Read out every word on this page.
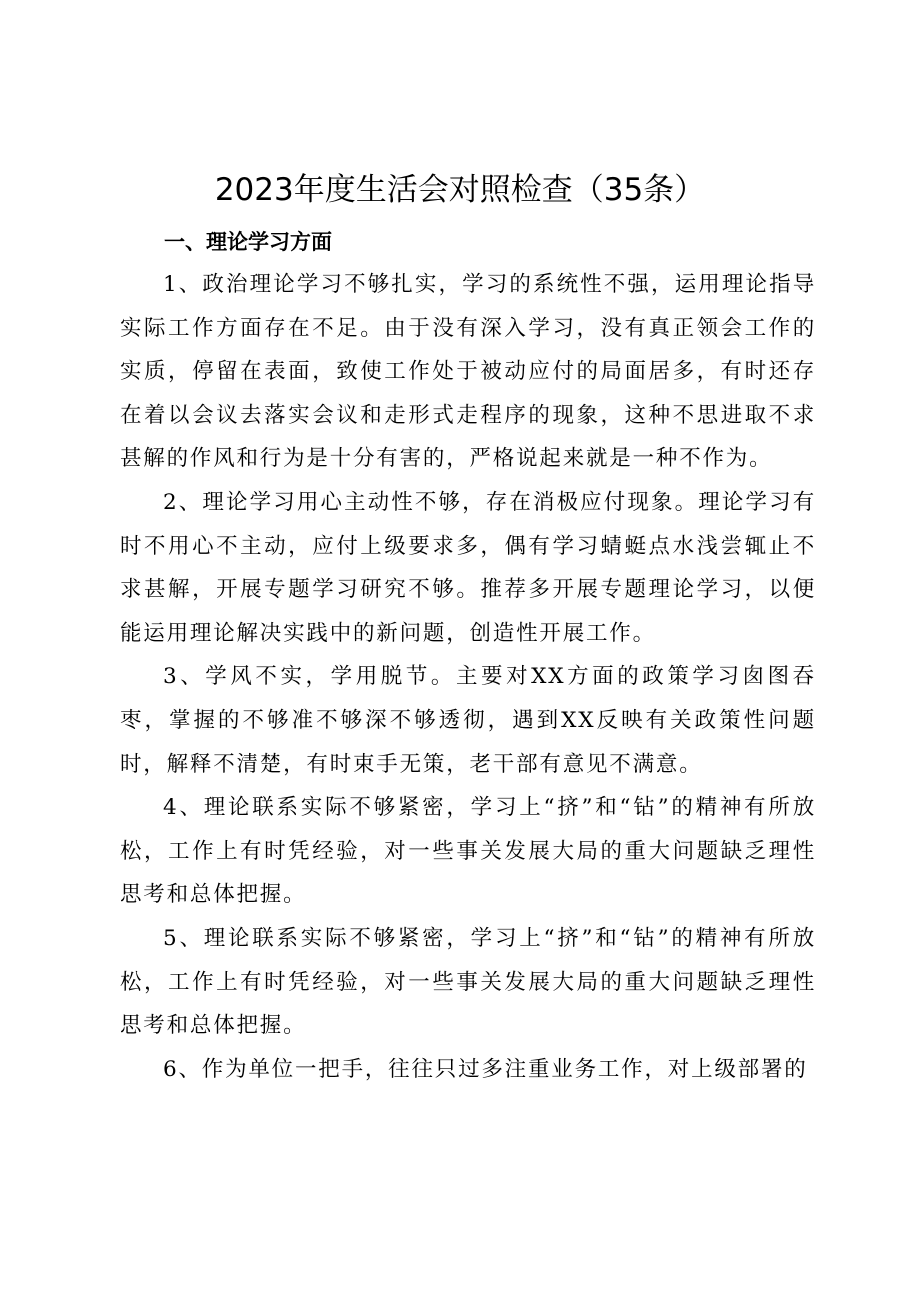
2023年度生活会对照检查（35条）
一、理论学习方面

1、政治理论学习不够扎实，学习的系统性不强，运用理论指导实际工作方面存在不足。由于没有深入学习，没有真正领会工作的实质，停留在表面，致使工作处于被动应付的局面居多，有时还存在着以会议去落实会议和走形式走程序的现象，这种不思进取不求甚解的作风和行为是十分有害的，严格说起来就是一种不作为。

2、理论学习用心主动性不够，存在消极应付现象。理论学习有时不用心不主动，应付上级要求多，偶有学习蜻蜓点水浅尝辄止不求甚解，开展专题学习研究不够。推荐多开展专题理论学习，以便能运用理论解决实践中的新问题，创造性开展工作。

3、学风不实，学用脱节。主要对XX方面的政策学习囱图吞枣，掌握的不够准不够深不够透彻，遇到XX反映有关政策性问题时，解释不清楚，有时束手无策，老干部有意见不满意。

4、理论联系实际不够紧密，学习上“挤”和“钻”的精神有所放松，工作上有时凭经验，对一些事关发展大局的重大问题缺乏理性思考和总体把握。

5、理论联系实际不够紧密，学习上“挤”和“钻”的精神有所放松，工作上有时凭经验，对一些事关发展大局的重大问题缺乏理性思考和总体把握。

6、作为单位一把手，往往只过多注重业务工作，对上级部署的
